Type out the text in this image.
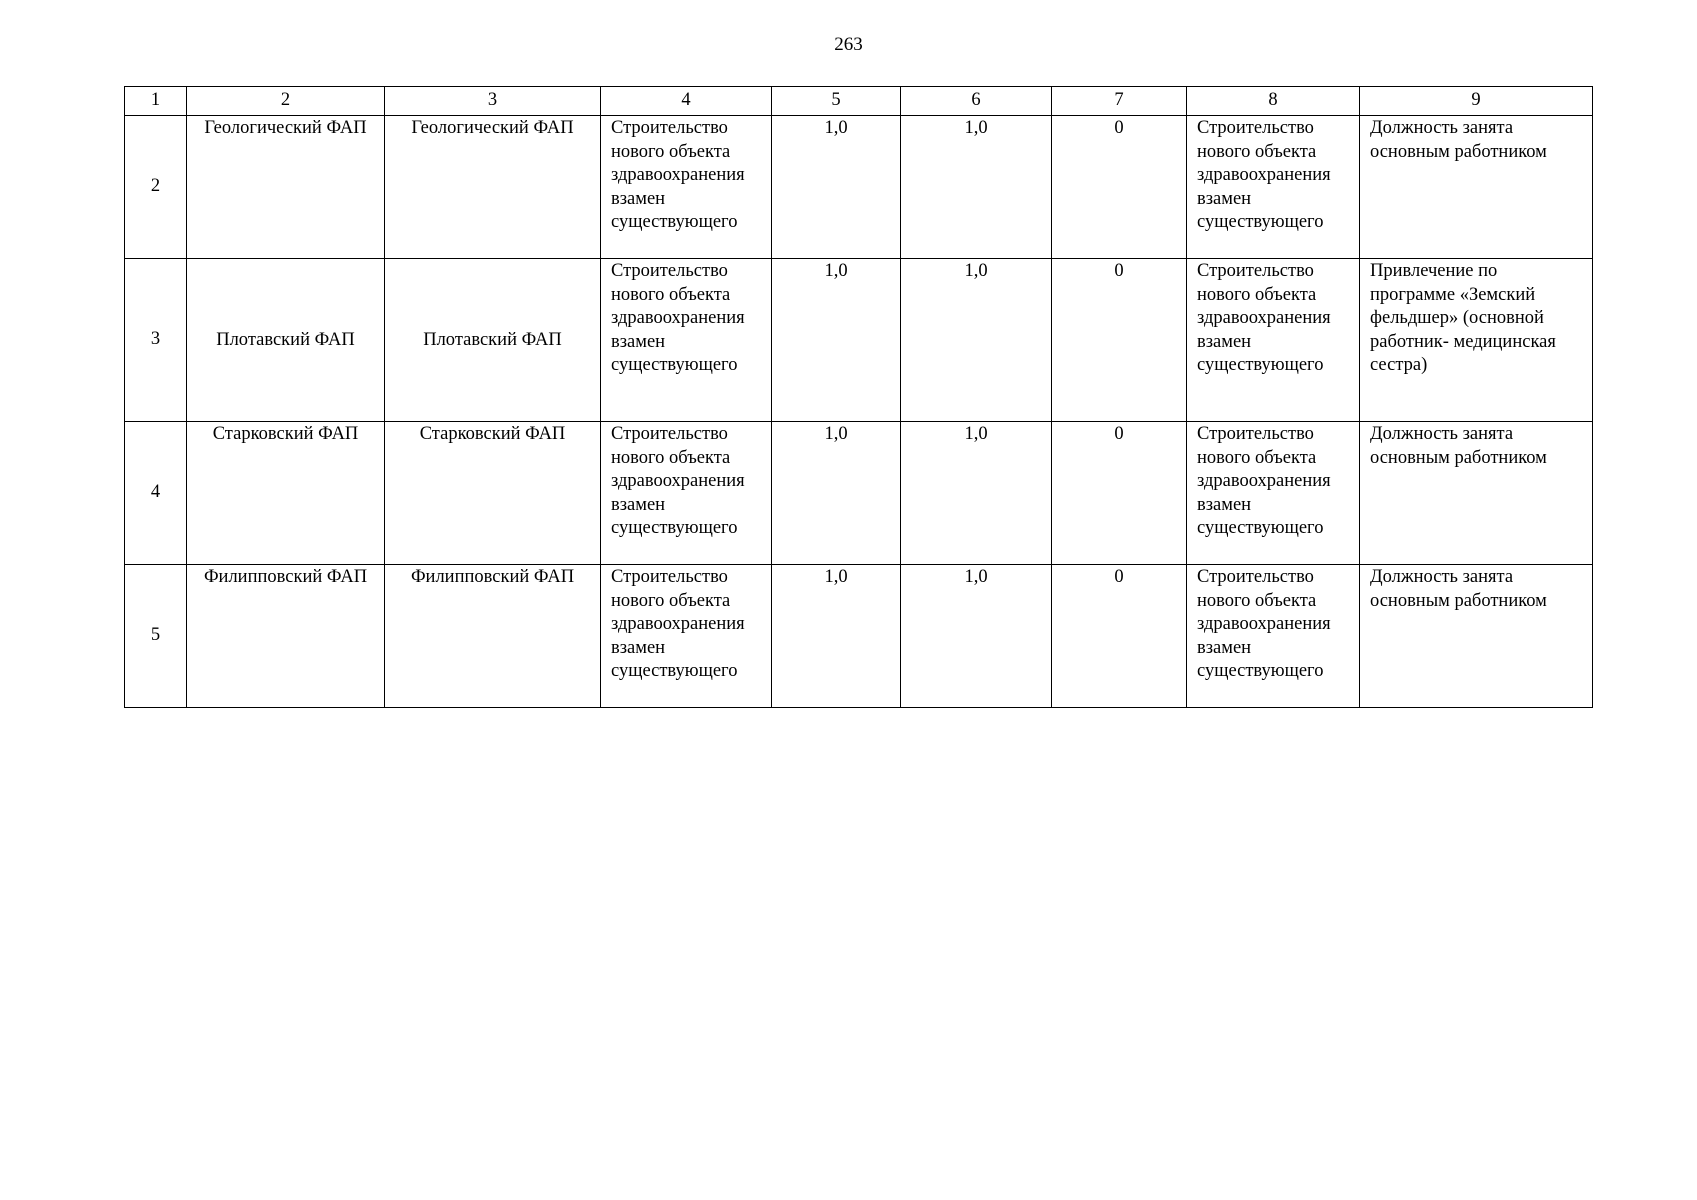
263
1	2	3	4	5	6	7	8	9
2	Геологический ФАП	Геологический ФАП	Строительство нового объекта здравоохранения взамен существующего	1,0	1,0	0	Строительство нового объекта здравоохранения взамен существующего	Должность занята основным работником
3	Плотавский ФАП	Плотавский ФАП	Строительство нового объекта здравоохранения взамен существующего	1,0	1,0	0	Строительство нового объекта здравоохранения взамен существующего	Привлечение по программе «Земский фельдшер» (основной работник- медицинская сестра)
4	Старковский ФАП	Старковский ФАП	Строительство нового объекта здравоохранения взамен существующего	1,0	1,0	0	Строительство нового объекта здравоохранения взамен существующего	Должность занята основным работником
5	Филипповский ФАП	Филипповский ФАП	Строительство нового объекта здравоохранения взамен существующего	1,0	1,0	0	Строительство нового объекта здравоохранения взамен существующего	Должность занята основным работником
